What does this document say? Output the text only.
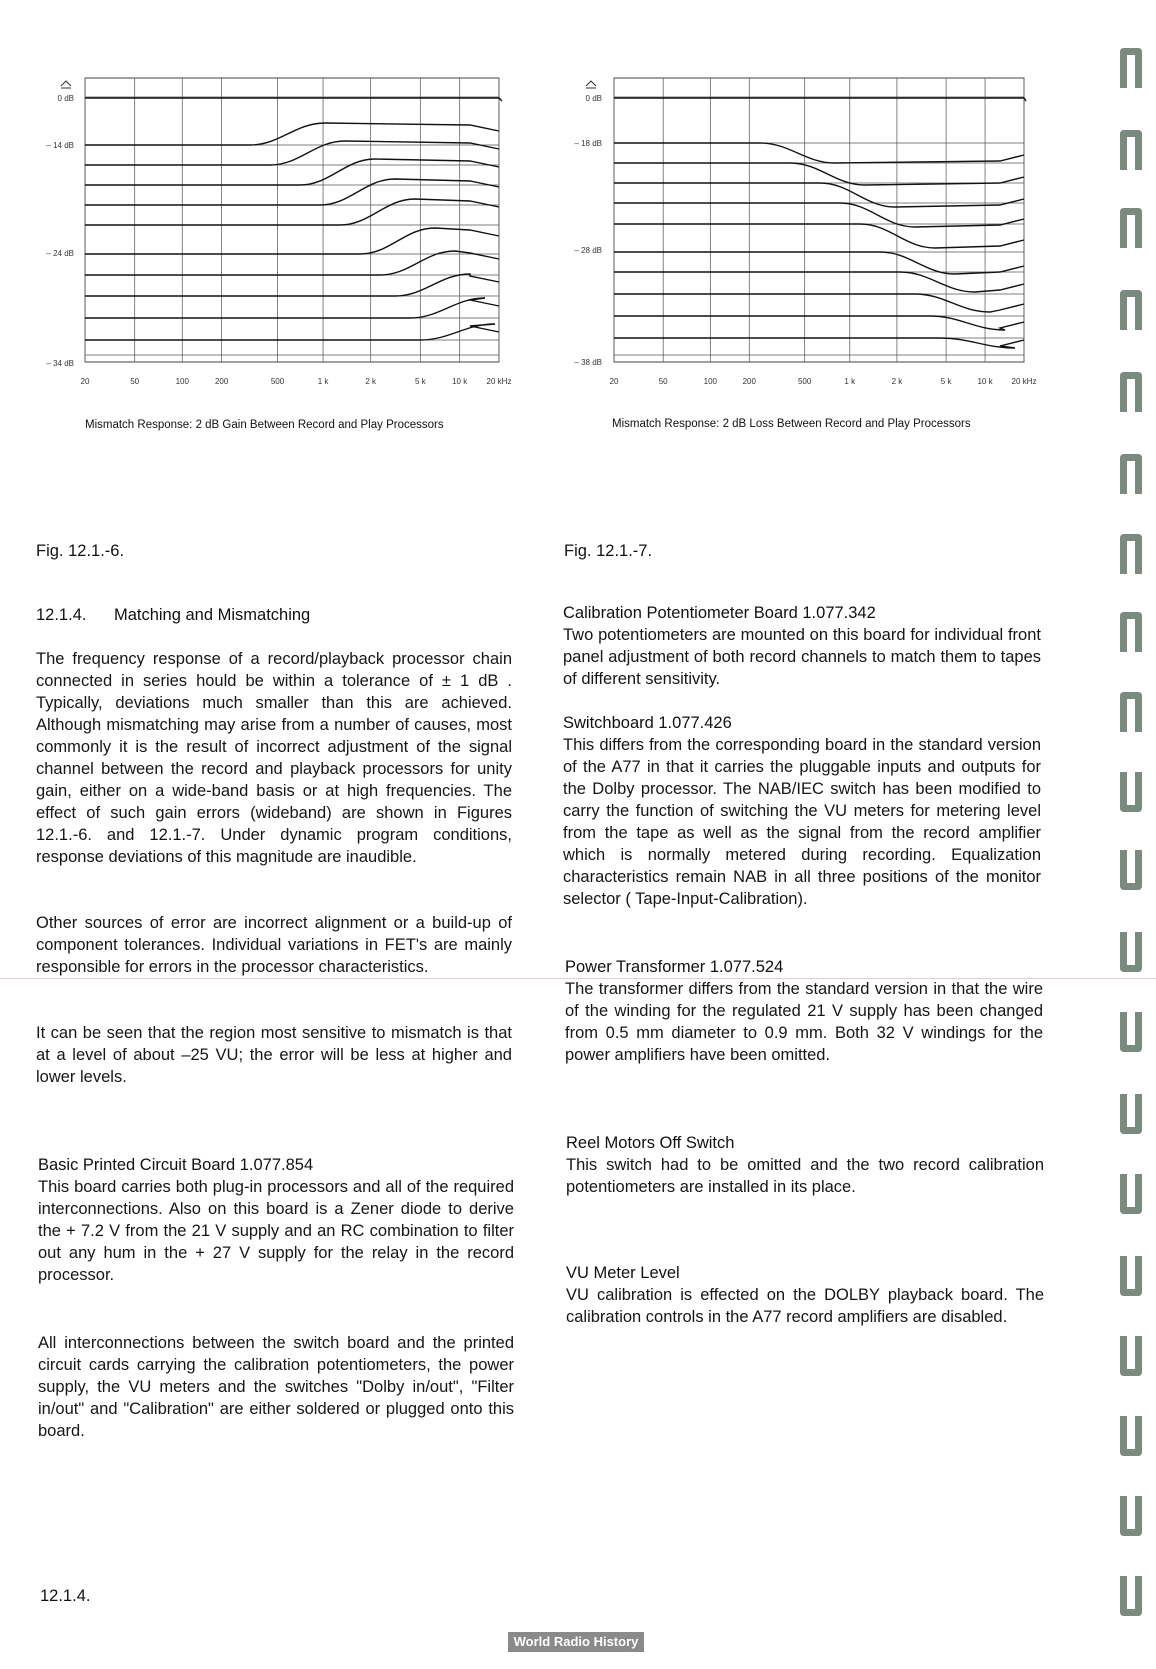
0 dB
– 14 dB
– 24 dB
– 34 dB
20	50	100	200	500	1 k	2 k	5 k	10 k 20 kHz
0 dB
– 18 dB
– 28 dB
– 38 dB
20	50	100	200	500	1 k	2 k	5 k	10 k 20 kHz
Mismatch Response: 2 dB Gain Between Record and Play Processors	Mismatch Response: 2 dB Loss Between Record and Play Processors
Fig. 12.1.-6.
12.1.4.      Matching and Mismatching

The frequency response of a record/playback processor chain connected in series hould be within a tolerance of ± 1 dB . Typically, deviations much smaller than this are achieved. Although mismatching may arise from a number of causes, most commonly it is the result of incorrect adjustment of the signal channel between the record and playback processors for unity gain, either on a wide-band basis or at high frequencies. The effect of such gain errors (wideband) are shown in Figures 12.1.-6. and 12.1.-7. Under dynamic program conditions, response deviations of this magnitude are inaudible.

Other sources of error are incorrect alignment or a build-up of component tolerances. Individual variations in FET's are mainly responsible for errors in the processor characteristics.

It can be seen that the region most sensitive to mismatch is that at a level of about –25 VU; the error will be less at higher and lower levels.

Basic Printed Circuit Board 1.077.854

This board carries both plug-in processors and all of the required interconnections. Also on this board is a Zener diode to derive the + 7.2 V from the 21 V supply and an RC combination to filter out any hum in the + 27 V supply for the relay in the record processor.

All interconnections between the switch board and the printed circuit cards carrying the calibration potentiometers, the power supply, the VU meters and the switches "Dolby in/out", "Filter in/out" and "Calibration" are either soldered or plugged onto this board.

12.1.4.
Fig. 12.1.-7.
Calibration Potentiometer Board 1.077.342

Two potentiometers are mounted on this board for individual front panel adjustment of both record channels to match them to tapes of different sensitivity.

Switchboard 1.077.426

This differs from the corresponding board in the standard version of the A77 in that it carries the pluggable inputs and outputs for the Dolby processor. The NAB/IEC switch has been modified to carry the function of switching the VU meters for metering level from the tape as well as the signal from the record amplifier which is normally metered during recording. Equalization characteristics remain NAB in all three positions of the monitor selector ( Tape-Input-Calibration).

Power Transformer 1.077.524

The transformer differs from the standard version in that the wire of the winding for the regulated 21 V supply has been changed from 0.5 mm diameter to 0.9 mm. Both 32 V windings for the power amplifiers have been omitted.

Reel Motors Off Switch

This switch had to be omitted and the two record calibration potentiometers are installed in its place.

VU Meter Level

VU calibration is effected on the DOLBY playback board. The calibration controls in the A77 record amplifiers are disabled.

World Radio History
